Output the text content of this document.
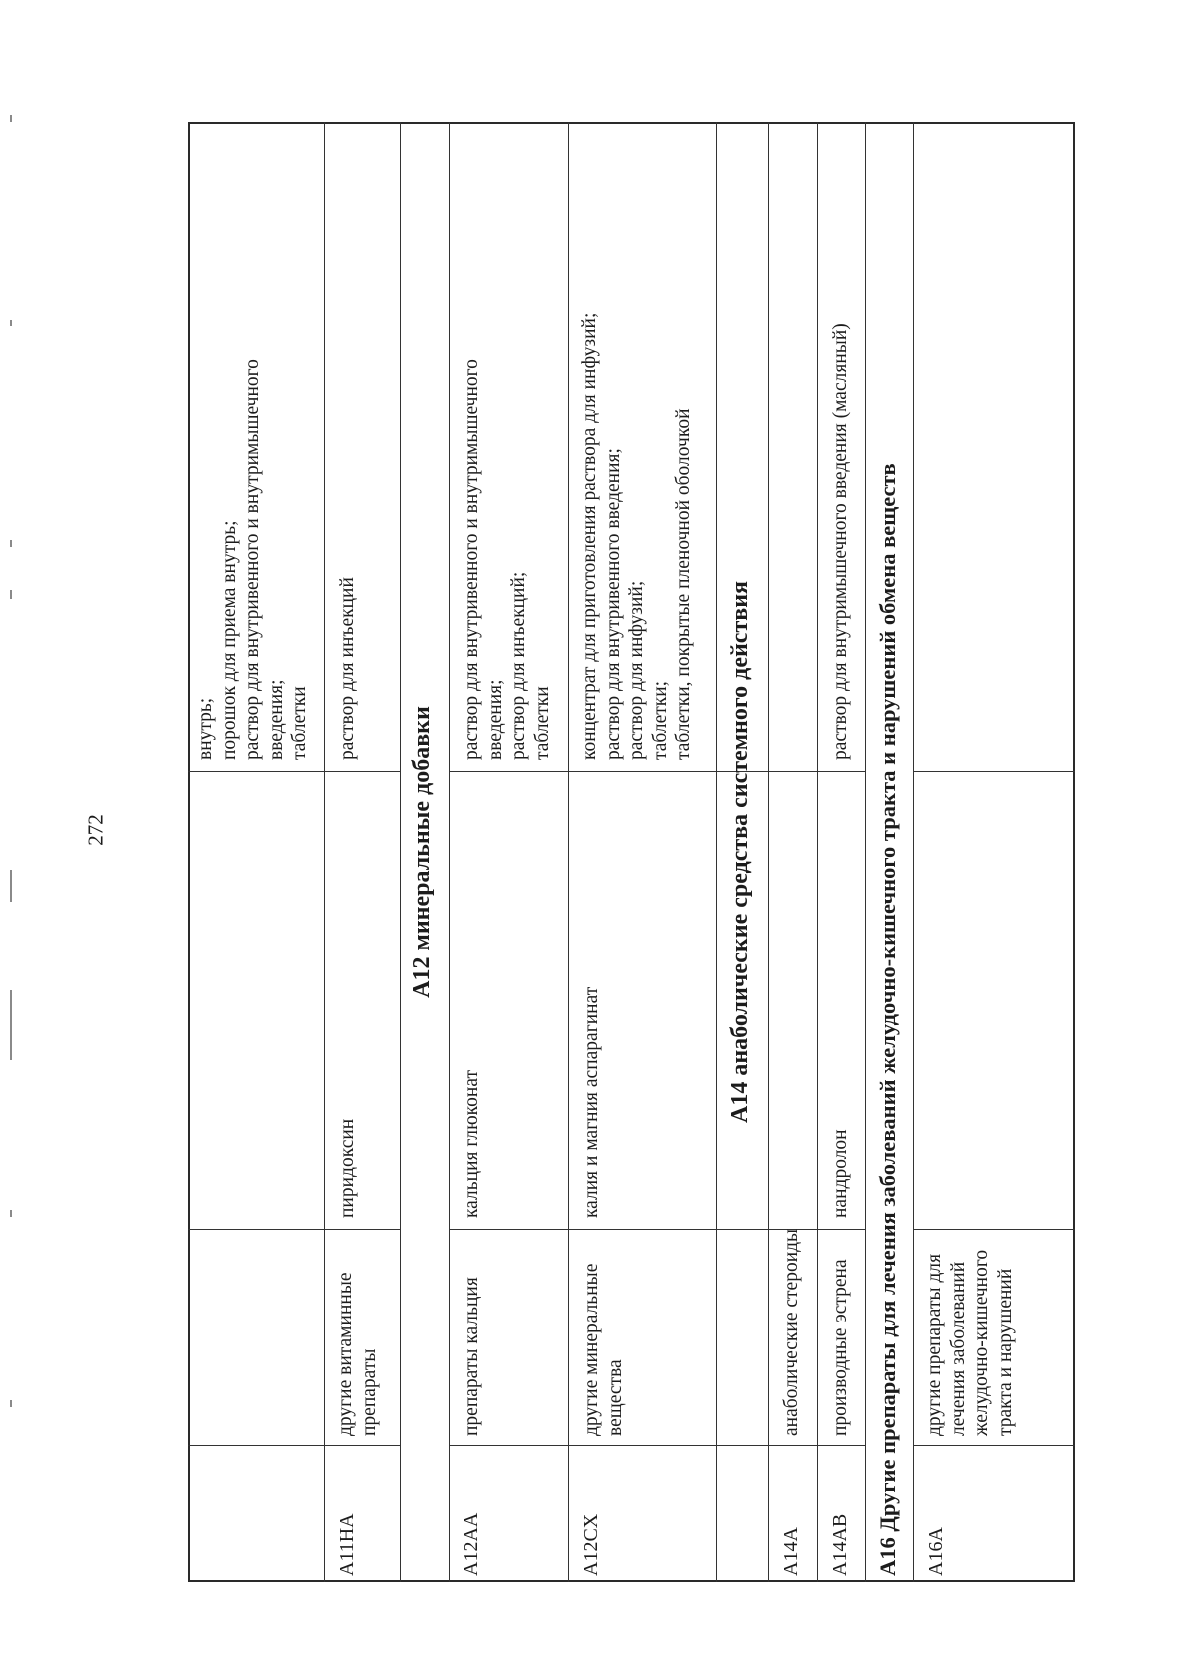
272
внутрь; порошок для приема внутрь; раствор для внутривенного и внутримышечного введения; таблетки
A11HA
другие витаминные препараты
пиридоксин
раствор для инъекций
A12 минеральные добавки
A12AA
препараты кальция
кальция глюконат
раствор для внутривенного и внутримышечного введения; раствор для инъекций; таблетки
A12CX
другие минеральные вещества
калия и магния аспарагинат
концентрат для приготовления раствора для инфузий; раствор для внутривенного введения; раствор для инфузий; таблетки; таблетки, покрытые пленочной оболочкой A14 анаболические средства системного действия
A14A
анаболические стероиды
A14AB
производные эстрена
нандролон
раствор для внутримышечного введения (масляный) A16 Другие препараты для лечения заболеваний желудочно-кишечного тракта и нарушений обмена веществ A16A
другие препараты для лечения заболеваний желудочно-кишечного тракта и нарушений
